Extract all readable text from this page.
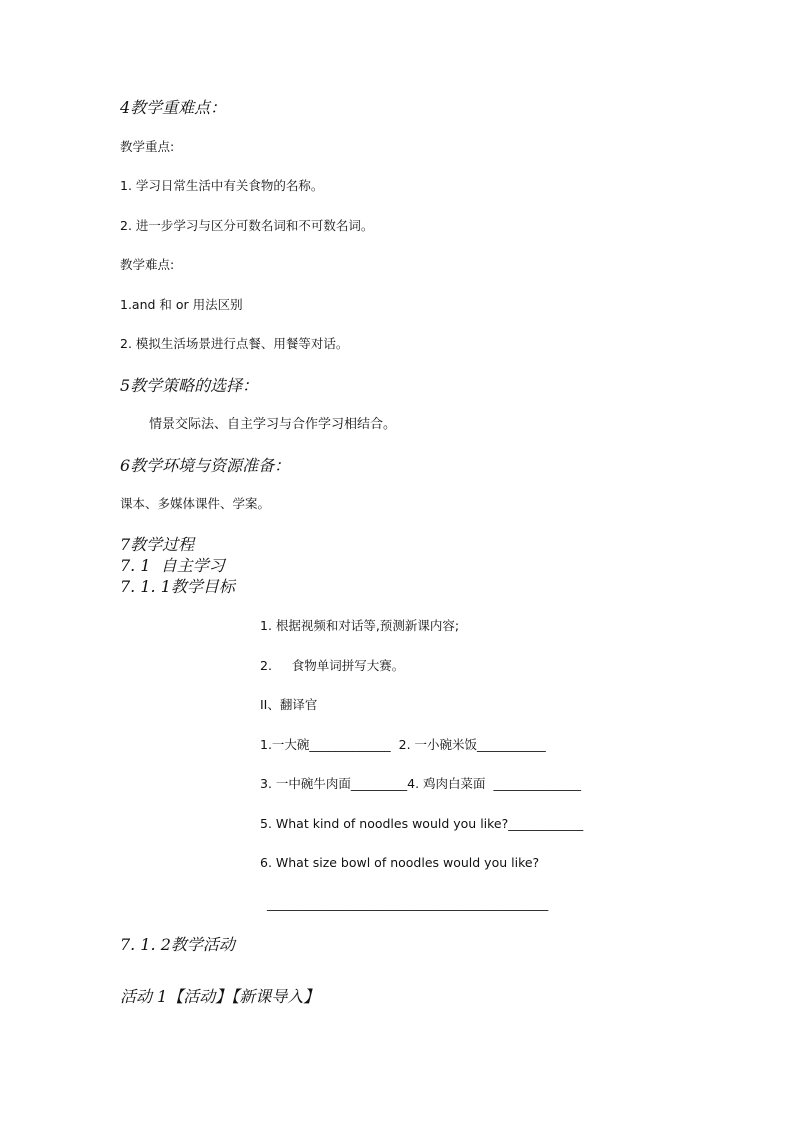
4教学重难点：
教学重点:
1. 学习日常生活中有关食物的名称。
2. 进一步学习与区分可数名词和不可数名词。
教学难点:
1.and 和 or 用法区别
2. 模拟生活场景进行点餐、用餐等对话。
5教学策略的选择：
情景交际法、自主学习与合作学习相结合。
6教学环境与资源准备：
课本、多媒体课件、学案。
7教学过程
7. 1  自主学习
7. 1. 1教学目标
1. 根据视频和对话等,预测新课内容;
2.     食物单词拼写大赛。
II、翻译官
1.一大碗_____________  2. 一小碗米饭___________
3. 一中碗牛肉面_________4. 鸡肉白菜面  ______________
5. What kind of noodles would you like?____________
6. What size bowl of noodles would you like?
_____________________________________________
7. 1. 2教学活动
活动 1【活动】【新课导入】
